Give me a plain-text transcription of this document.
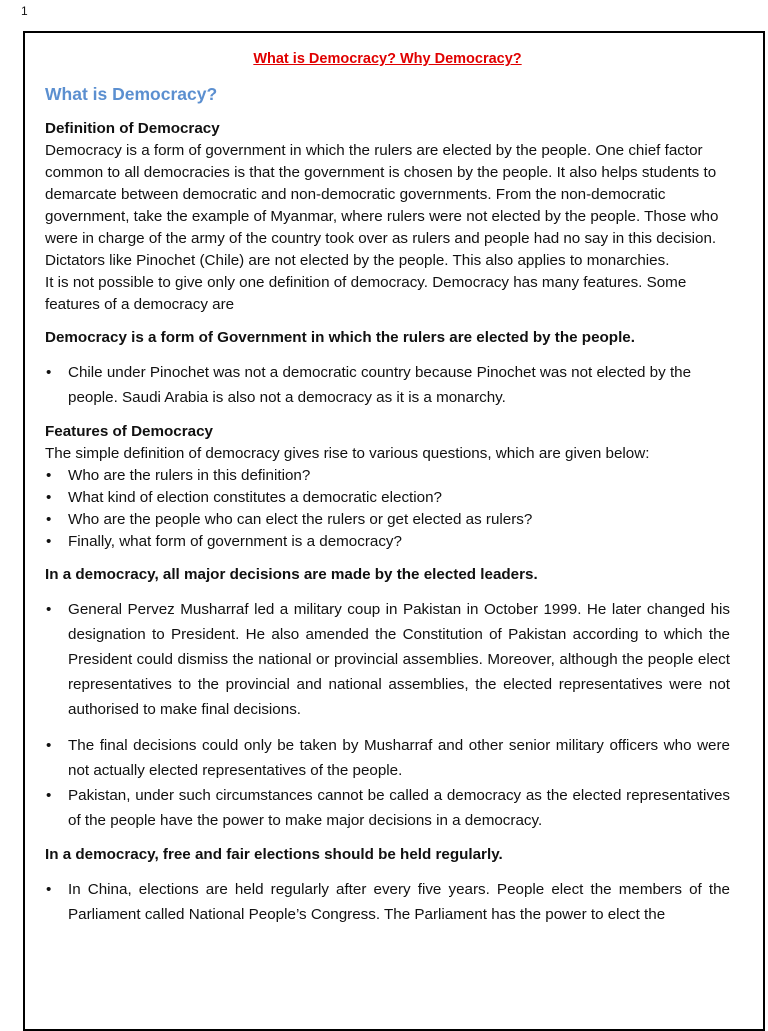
1

What is Democracy? Why Democracy?

What is Democracy?

Definition of Democracy

Democracy is a form of government in which the rulers are elected by the people. One chief factor common to all democracies is that the government is chosen by the people. It also helps students to demarcate between democratic and non-democratic governments. From the non-democratic government, take the example of Myanmar, where rulers were not elected by the people. Those who were in charge of the army of the country took over as rulers and people had no say in this decision. Dictators like Pinochet (Chile) are not elected by the people. This also applies to monarchies.

It is not possible to give only one definition of democracy. Democracy has many features. Some features of a democracy are

Democracy is a form of Government in which the rulers are elected by the people.

• Chile under Pinochet was not a democratic country because Pinochet was not elected by the people. Saudi Arabia is also not a democracy as it is a monarchy.

Features of Democracy

The simple definition of democracy gives rise to various questions, which are given below:

• Who are the rulers in this definition?
• What kind of election constitutes a democratic election?
• Who are the people who can elect the rulers or get elected as rulers?
• Finally, what form of government is a democracy?

In a democracy, all major decisions are made by the elected leaders.

• General Pervez Musharraf led a military coup in Pakistan in October 1999. He later changed his designation to President. He also amended the Constitution of Pakistan according to which the President could dismiss the national or provincial assemblies. Moreover, although the people elect representatives to the provincial and national assemblies, the elected representatives were not authorised to make final decisions.
• The final decisions could only be taken by Musharraf and other senior military officers who were not actually elected representatives of the people.
• Pakistan, under such circumstances cannot be called a democracy as the elected representatives of the people have the power to make major decisions in a democracy.

In a democracy, free and fair elections should be held regularly.

• In China, elections are held regularly after every five years. People elect the members of the Parliament called National People’s Congress. The Parliament has the power to elect the
